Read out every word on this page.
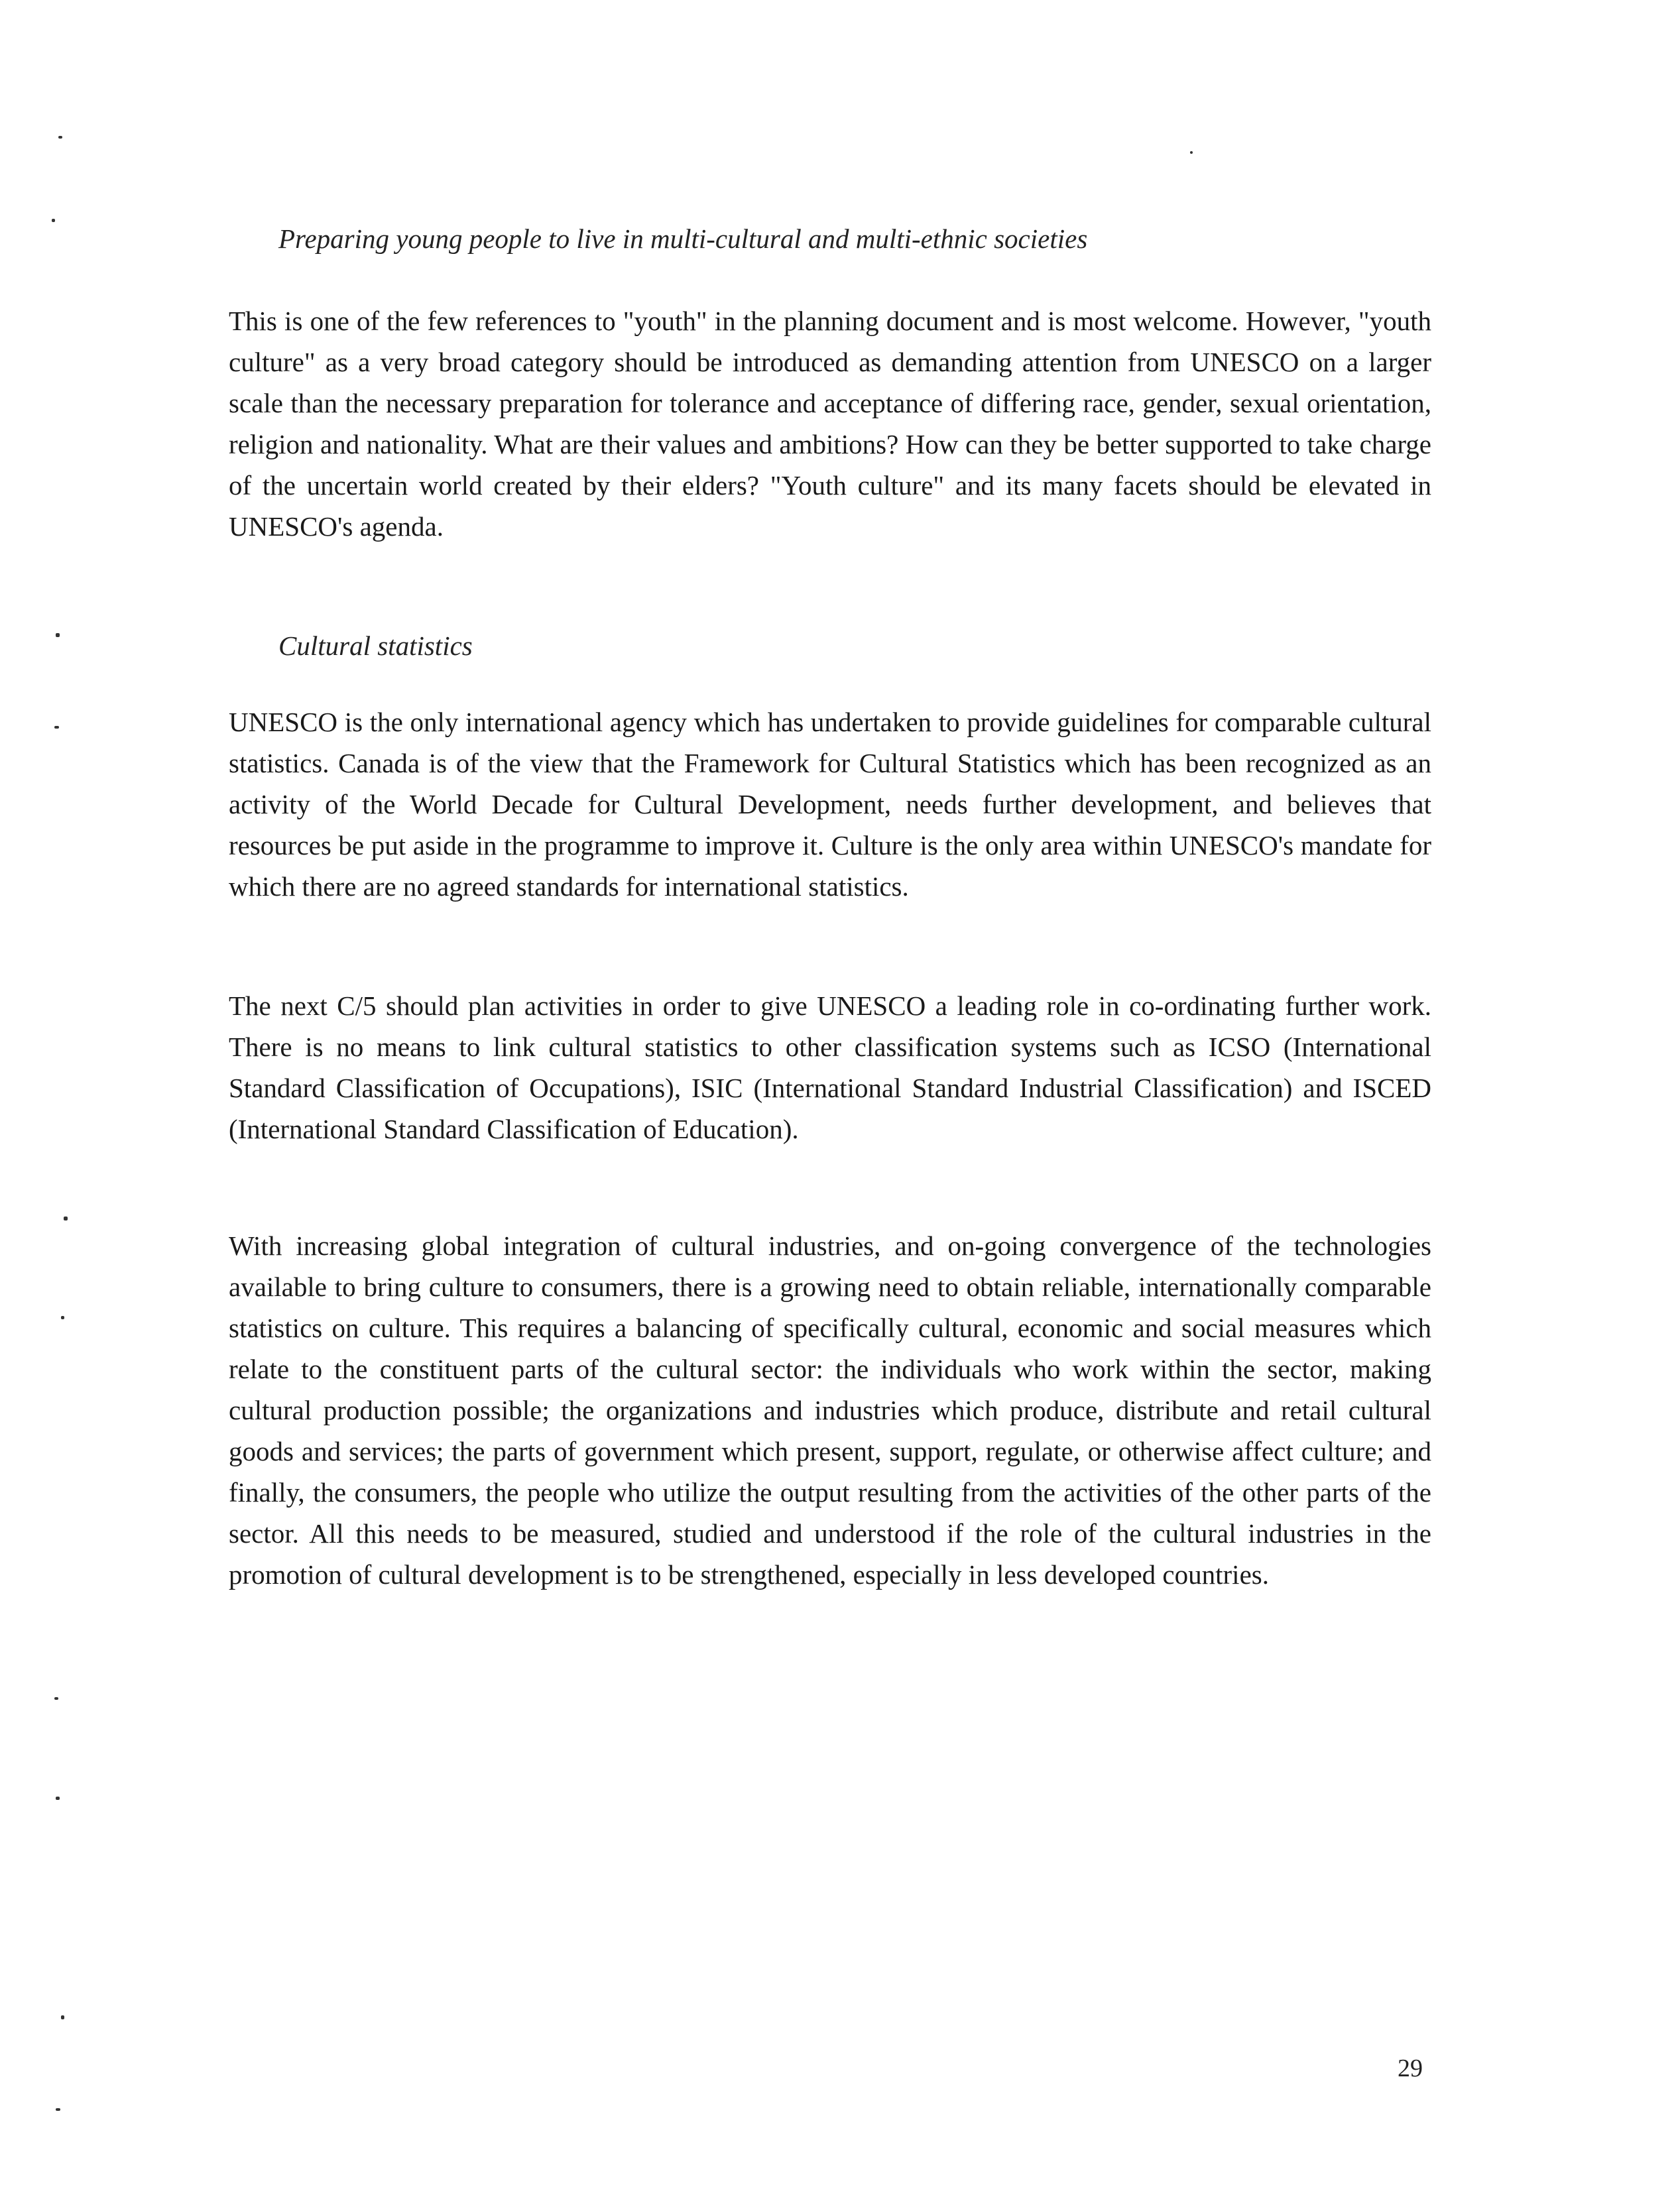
Preparing young people to live in multi-cultural and multi-ethnic societies
This is one of the few references to "youth" in the planning document and is most welcome. However, "youth culture" as a very broad category should be introduced as demanding attention from UNESCO on a larger scale than the necessary preparation for tolerance and acceptance of differing race, gender, sexual orientation, religion and nationality. What are their values and ambitions? How can they be better supported to take charge of the uncertain world created by their elders? "Youth culture" and its many facets should be elevated in UNESCO's agenda.
Cultural statistics
UNESCO is the only international agency which has undertaken to provide guidelines for comparable cultural statistics. Canada is of the view that the Framework for Cultural Statistics which has been recognized as an activity of the World Decade for Cultural Development, needs further development, and believes that resources be put aside in the programme to improve it. Culture is the only area within UNESCO's mandate for which there are no agreed standards for international statistics.
The next C/5 should plan activities in order to give UNESCO a leading role in co-ordinating further work. There is no means to link cultural statistics to other classification systems such as ICSO (International Standard Classification of Occupations), ISIC (International Standard Industrial Classification) and ISCED (International Standard Classification of Education).
With increasing global integration of cultural industries, and on-going convergence of the technologies available to bring culture to consumers, there is a growing need to obtain reliable, internationally comparable statistics on culture. This requires a balancing of specifically cultural, economic and social measures which relate to the constituent parts of the cultural sector: the individuals who work within the sector, making cultural production possible; the organizations and industries which produce, distribute and retail cultural goods and services; the parts of government which present, support, regulate, or otherwise affect culture; and finally, the consumers, the people who utilize the output resulting from the activities of the other parts of the sector. All this needs to be measured, studied and understood if the role of the cultural industries in the promotion of cultural development is to be strengthened, especially in less developed countries.
29
